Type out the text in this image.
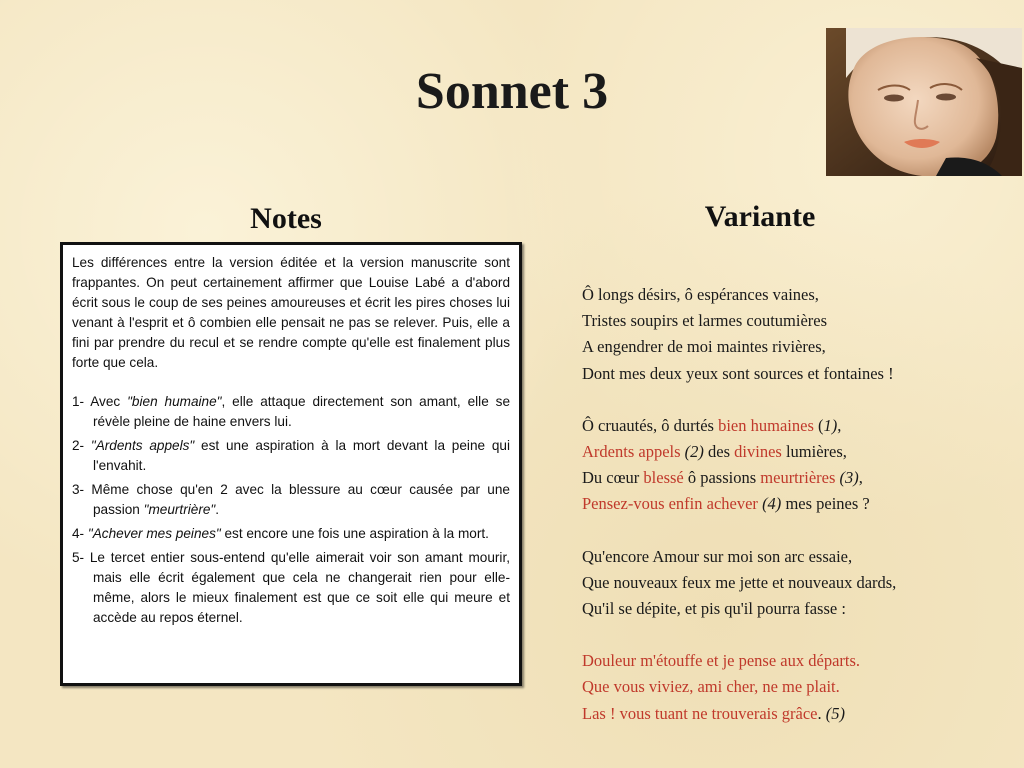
Sonnet 3
Notes

Les différences entre la version éditée et la version manuscrite sont frappantes. On peut certainement affirmer que Louise Labé a d'abord écrit sous le coup de ses peines amoureuses et écrit les pires choses lui venant à l'esprit et ô combien elle pensait ne pas se relever. Puis, elle a fini par prendre du recul et se rendre compte qu'elle est finalement plus forte que cela.

1- Avec "bien humaine", elle attaque directement son amant, elle se révèle pleine de haine envers lui.
2- "Ardents appels" est une aspiration à la mort devant la peine qui l'envahit.
3- Même chose qu'en 2 avec la blessure au cœur causée par une passion "meurtrière".
4- "Achever mes peines" est encore une fois une aspiration à la mort.
5- Le tercet entier sous-entend qu'elle aimerait voir son amant mourir, mais elle écrit également que cela ne changerait rien pour elle-même, alors le mieux finalement est que ce soit elle qui meure et accède au repos éternel.
Variante
Ô longs désirs, ô espérances vaines,
Tristes soupirs et larmes coutumières
A engendrer de moi maintes rivières,
Dont mes deux yeux sont sources et fontaines !
Ô cruautés, ô durtés bien humaines (1),
Ardents appels (2) des divines lumières,
Du cœur blessé ô passions meurtrières (3),
Pensez-vous enfin achever (4) mes peines ?
Qu'encore Amour sur moi son arc essaie,
Que nouveaux feux me jette et nouveaux dards,
Qu'il se dépite, et pis qu'il pourra fasse :
Douleur m'étouffe et je pense aux départs.
Que vous viviez, ami cher, ne me plait.
Las ! vous tuant ne trouverais grâce. (5)
